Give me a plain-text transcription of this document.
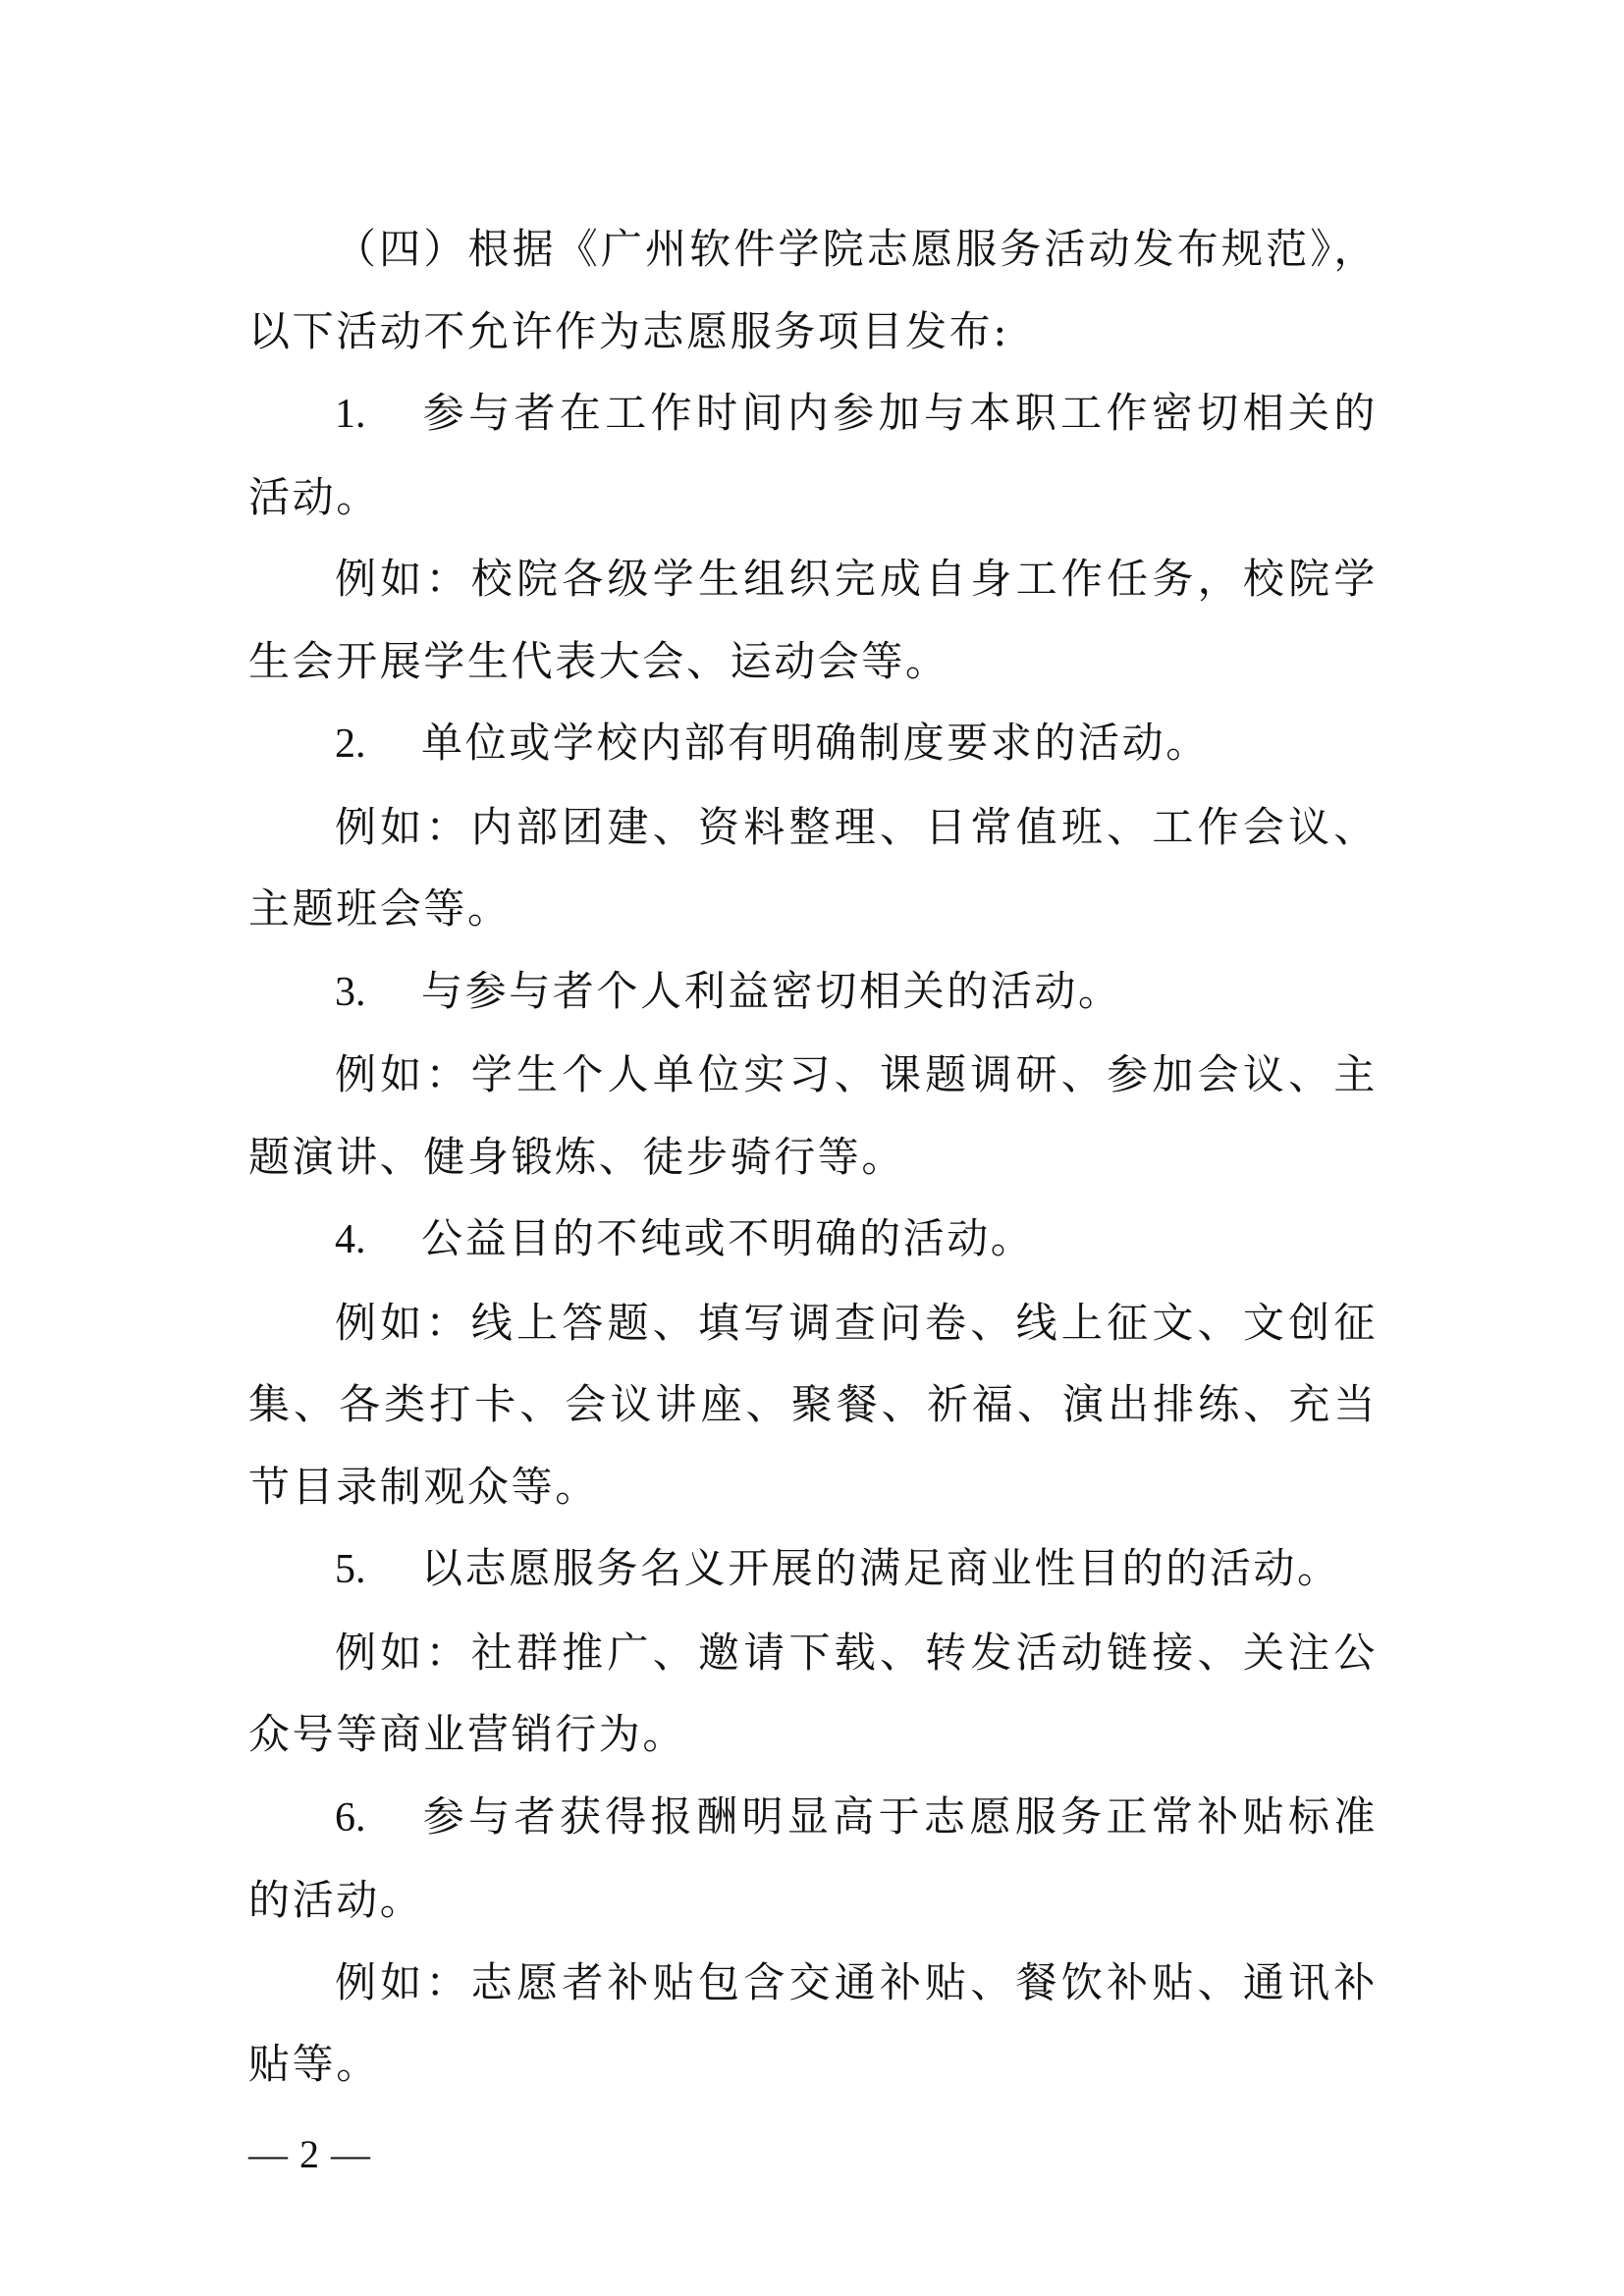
（四）根据《广州软件学院志愿服务活动发布规范》，以下活动不允许作为志愿服务项目发布:

1. 参与者在工作时间内参加与本职工作密切相关的活动。

例如：校院各级学生组织完成自身工作任务，校院学生会开展学生代表大会、运动会等。

2. 单位或学校内部有明确制度要求的活动。

例如：内部团建、资料整理、日常值班、工作会议、主题班会等。

3. 与参与者个人利益密切相关的活动。

例如：学生个人单位实习、课题调研、参加会议、主题演讲、健身锻炼、徒步骑行等。

4. 公益目的不纯或不明确的活动。

例如：线上答题、填写调查问卷、线上征文、文创征集、各类打卡、会议讲座、聚餐、祈福、演出排练、充当节目录制观众等。

5. 以志愿服务名义开展的满足商业性目的的活动。

例如：社群推广、邀请下载、转发活动链接、关注公众号等商业营销行为。

6. 参与者获得报酬明显高于志愿服务正常补贴标准的活动。

例如：志愿者补贴包含交通补贴、餐饮补贴、通讯补贴等。

— 2 —
